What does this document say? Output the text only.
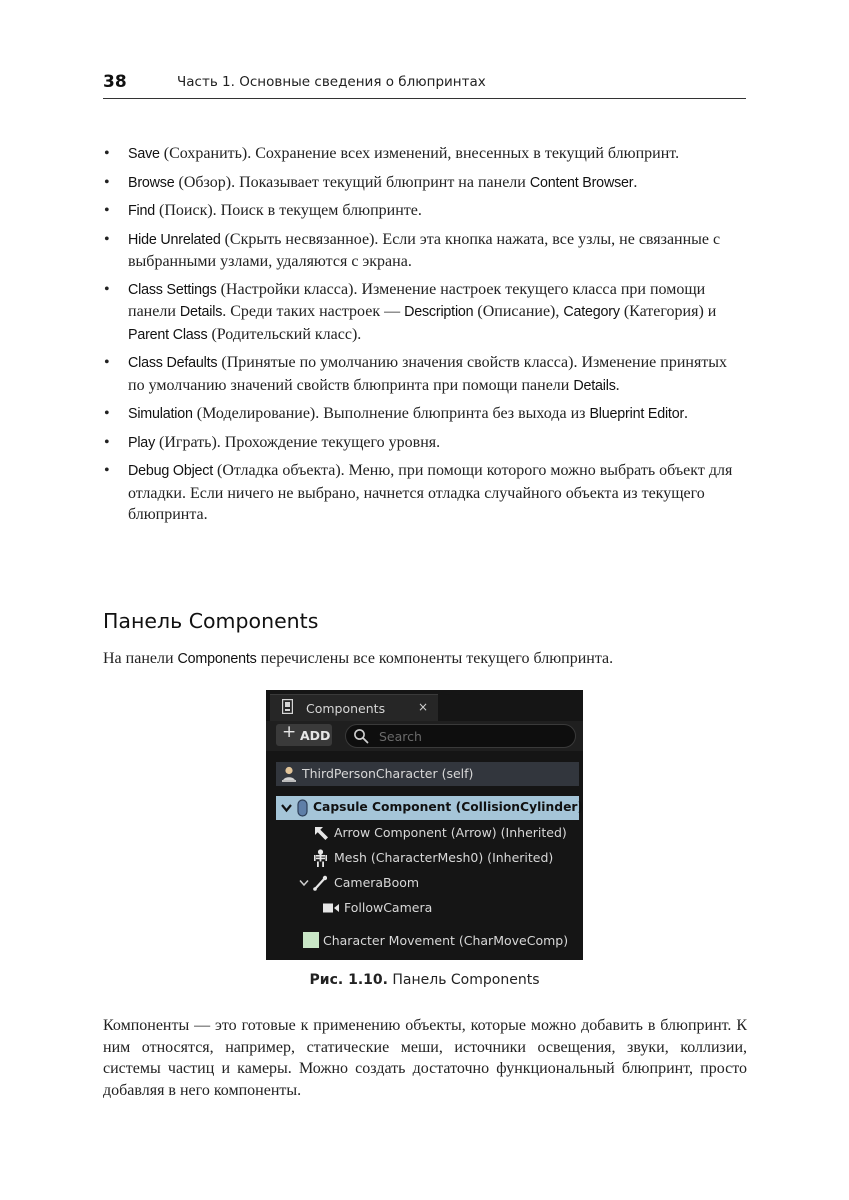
38	Часть 1. Основные сведения о блюпринтах
• Save (Сохранить). Сохранение всех изменений, внесенных в текущий блюпринт.
• Browse (Обзор). Показывает текущий блюпринт на панели Content Browser.
• Find (Поиск). Поиск в текущем блюпринте.
• Hide Unrelated (Скрыть несвязанное). Если эта кнопка нажата, все узлы, не связанные с выбранными узлами, удаляются с экрана.
• Class Settings (Настройки класса). Изменение настроек текущего класса при помощи панели Details. Среди таких настроек — Description (Описание), Category (Категория) и Parent Class (Родительский класс).
• Class Defaults (Принятые по умолчанию значения свойств класса). Изменение принятых по умолчанию значений свойств блюпринта при помощи панели Details.
• Simulation (Моделирование). Выполнение блюпринта без выхода из Blueprint Editor.
• Play (Играть). Прохождение текущего уровня.
• Debug Object (Отладка объекта). Меню, при помощи которого можно выбрать объект для отладки. Если ничего не выбрано, начнется отладка случайного объекта из текущего блюпринта.
Панель Components
На панели Components перечислены все компоненты текущего блюпринта.
Components	×
+ ADD
Search
ThirdPersonCharacter (self)
Capsule Component (CollisionCylinder)
Arrow Component (Arrow) (Inherited)
Mesh (CharacterMesh0) (Inherited)
CameraBoom
FollowCamera
Character Movement (CharMoveComp)
Рис. 1.10. Панель Components

Компоненты — это готовые к применению объекты, которые можно добавить в блюпринт. К ним относятся, например, статические меши, источники освещения, звуки, коллизии, системы частиц и камеры. Можно создать достаточно функциональный блюпринт, просто добавляя в него компоненты.
